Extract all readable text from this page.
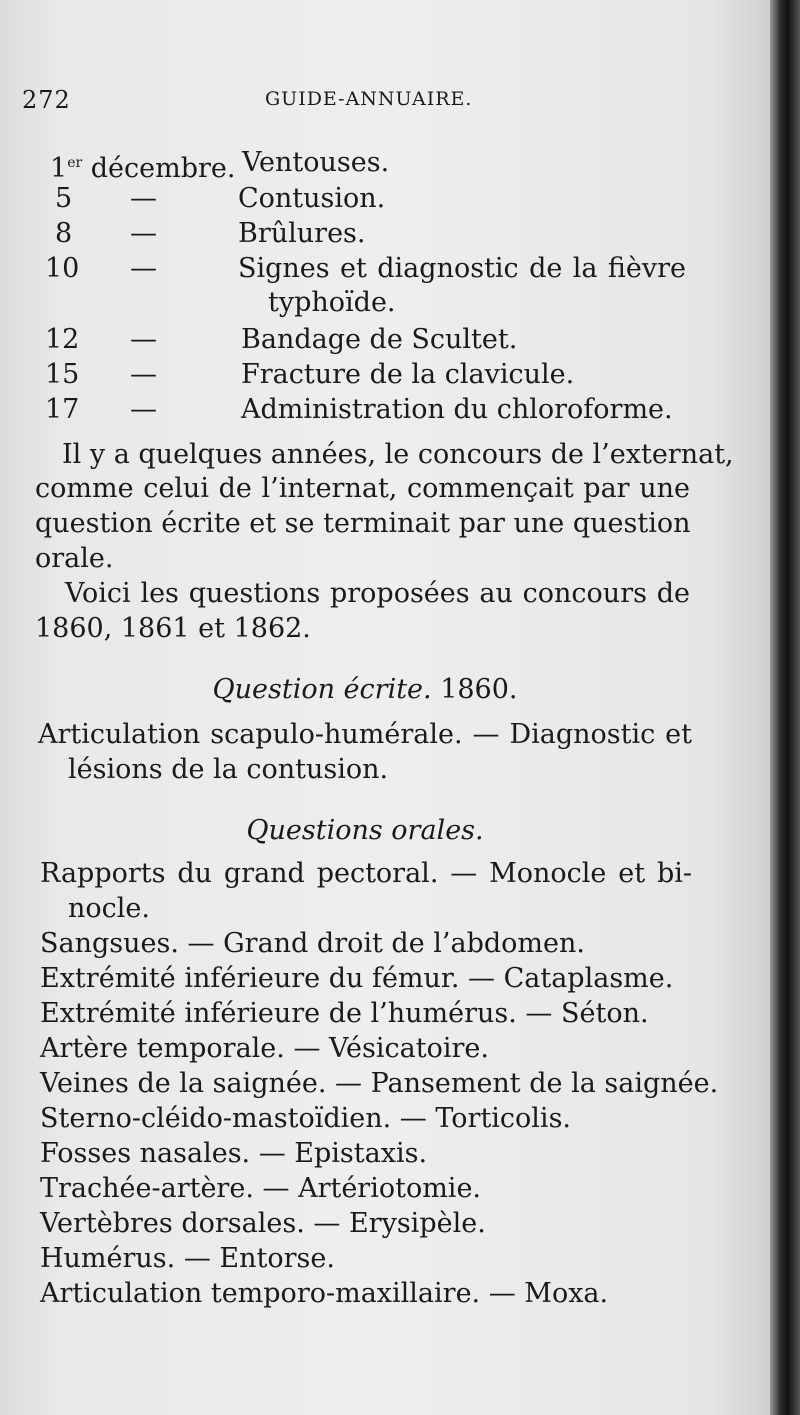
272	GUIDE-ANNUAIRE.
1er décembre. Ventouses.
5 —	Contusion.
8 —	Brûlures.
10 —	Signes et diagnostic de la fièvre
typhoïde.
12 —	Bandage de Scultet.
15 —	Fracture de la clavicule.
17 —	Administration du chloroforme.
Il y a quelques années, le concours de l’externat,
comme celui de l’internat, commençait par une
question écrite et se terminait par une question
orale.
Voici les questions proposées au concours de
1860, 1861 et 1862.
Question écrite. 1860.
Articulation scapulo-humérale. — Diagnostic et
lésions de la contusion.
Questions orales.
Rapports du grand pectoral. — Monocle et bi-
nocle.
Sangsues. — Grand droit de l’abdomen.
Extrémité inférieure du fémur. — Cataplasme.
Extrémité inférieure de l’humérus. — Séton.
Artère temporale. — Vésicatoire.
Veines de la saignée. — Pansement de la saignée.
Sterno-cléido-mastoïdien. — Torticolis.
Fosses nasales. — Epistaxis.
Trachée-artère. — Artériotomie.
Vertèbres dorsales. — Erysipèle.
Humérus. — Entorse.
Articulation temporo-maxillaire. — Moxa.
